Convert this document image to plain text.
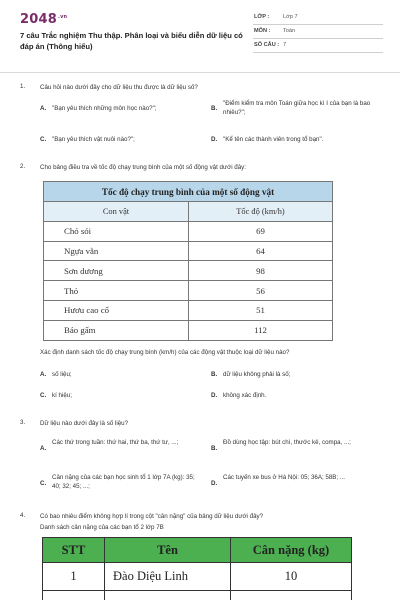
$2048^{.vn}$
7 câu Trắc nghiệm Thu thập. Phân loại và biểu diễn dữ liệu có đáp án (Thông hiểu)
LỚP : Lớp 7
MÔN : Toán
SỐ CÂU : 7
1. Câu hỏi nào dưới đây cho dữ liệu thu được là dữ liệu số?
A. "Bạn yêu thích những môn học nào?";	B.
"Điểm kiểm tra môn Toán giữa học kì I của bạn là bao nhiêu?";
C. "Bạn yêu thích vật nuôi nào?";	D. "Kể tên các thành viên trong tổ bạn".
2. Cho bảng điều tra về tốc độ chạy trung bình của một số động vật dưới đây:
Tốc độ chạy trung bình của một số động vật	
Con vật	Tốc độ (km/h)
Chó sói	69
Ngựa vằn	64
Sơn dương	98
Thỏ	56
Hươu cao cổ	51
Báo gấm	112
Xác định danh sách tốc độ chạy trung bình (km/h) của các động vật thuộc loại dữ liệu nào?
A. số liệu;	B. dữ liệu không phải là số;
C. kí hiệu;	D. không xác định.
3. Dữ liệu nào dưới đây là số liệu?
A.
Các thứ trong tuần: thứ hai, thứ ba, thứ tư, ...;
B.
Đồ dùng học tập: bút chì, thước kẻ, compa, ...;
C.
Cân nặng của các bạn học sinh tổ 1 lớp 7A (kg): 35; 40; 32; 45; ...;	D.
Các tuyến xe bus ở Hà Nội: 05; 36A; 58B; ...
4. Có bao nhiêu điểm không hợp lí trong cột "cân nặng" của bảng dữ liệu dưới đây?
Danh sách cân nặng của các bạn tổ 2 lớp 7B
STT	Tên	Cân nặng (kg)
1	Đào Diệu Linh	10
